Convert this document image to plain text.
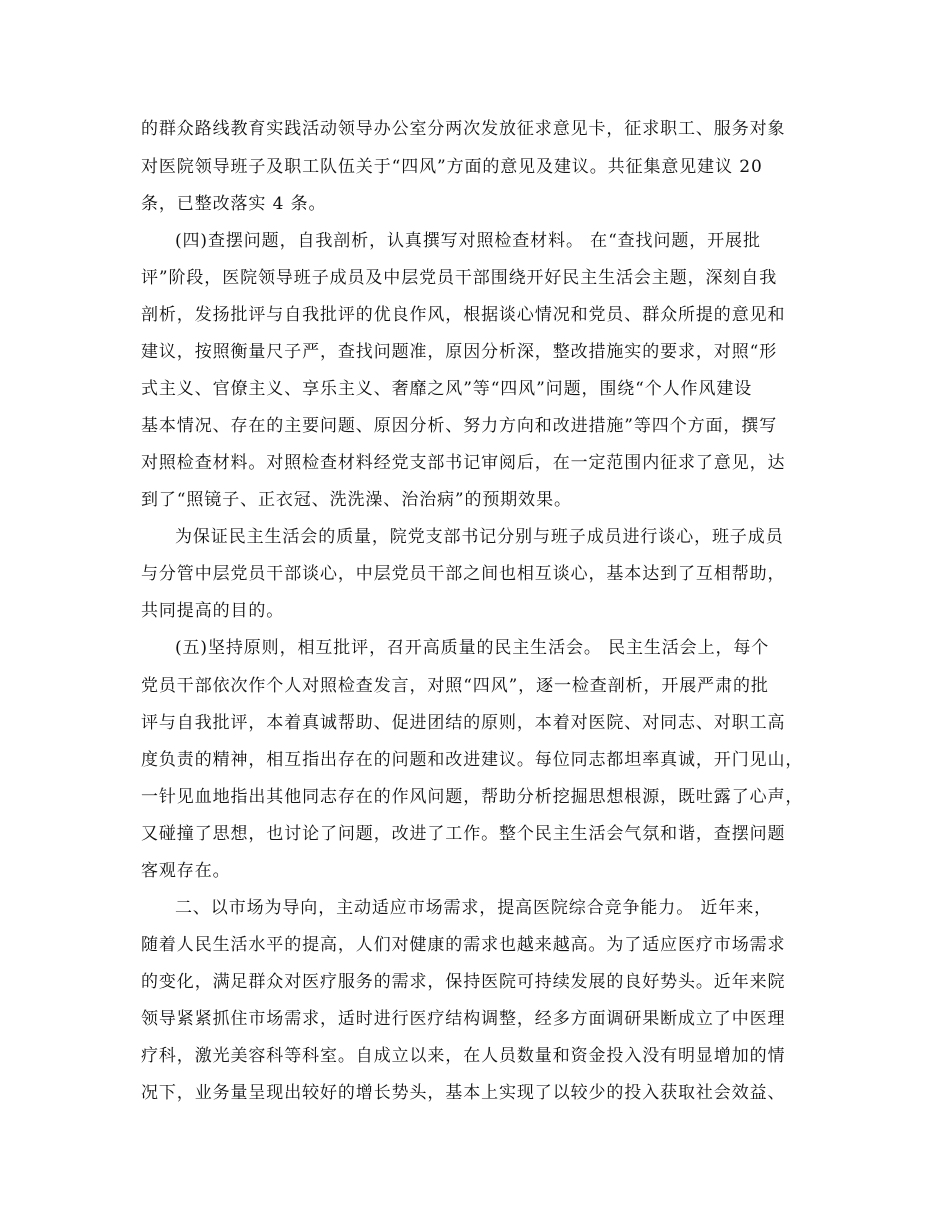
的群众路线教育实践活动领导办公室分两次发放征求意见卡，征求职工、服务对象
对医院领导班子及职工队伍关于“四风”方面的意见及建议。共征集意见建议 20
条，已整改落实 4 条。
(四)查摆问题，自我剖析，认真撰写对照检查材料。 在“查找问题，开展批
评”阶段，医院领导班子成员及中层党员干部围绕开好民主生活会主题，深刻自我
剖析，发扬批评与自我批评的优良作风，根据谈心情况和党员、群众所提的意见和
建议，按照衡量尺子严，查找问题准，原因分析深，整改措施实的要求，对照“形
式主义、官僚主义、享乐主义、奢靡之风”等“四风”问题，围绕“个人作风建设
基本情况、存在的主要问题、原因分析、努力方向和改进措施”等四个方面，撰写
对照检查材料。对照检查材料经党支部书记审阅后，在一定范围内征求了意见，达
到了“照镜子、正衣冠、洗洗澡、治治病”的预期效果。
为保证民主生活会的质量，院党支部书记分别与班子成员进行谈心，班子成员
与分管中层党员干部谈心，中层党员干部之间也相互谈心，基本达到了互相帮助，
共同提高的目的。
(五)坚持原则，相互批评，召开高质量的民主生活会。 民主生活会上，每个
党员干部依次作个人对照检查发言，对照“四风”，逐一检查剖析，开展严肃的批
评与自我批评，本着真诚帮助、促进团结的原则，本着对医院、对同志、对职工高
度负责的精神，相互指出存在的问题和改进建议。每位同志都坦率真诚，开门见山，
一针见血地指出其他同志存在的作风问题，帮助分析挖掘思想根源，既吐露了心声，
又碰撞了思想，也讨论了问题，改进了工作。整个民主生活会气氛和谐，查摆问题
客观存在。
二、以市场为导向，主动适应市场需求，提高医院综合竞争能力。 近年来，
随着人民生活水平的提高，人们对健康的需求也越来越高。为了适应医疗市场需求
的变化，满足群众对医疗服务的需求，保持医院可持续发展的良好势头。近年来院
领导紧紧抓住市场需求，适时进行医疗结构调整，经多方面调研果断成立了中医理
疗科，激光美容科等科室。自成立以来，在人员数量和资金投入没有明显增加的情
况下，业务量呈现出较好的增长势头，基本上实现了以较少的投入获取社会效益、
